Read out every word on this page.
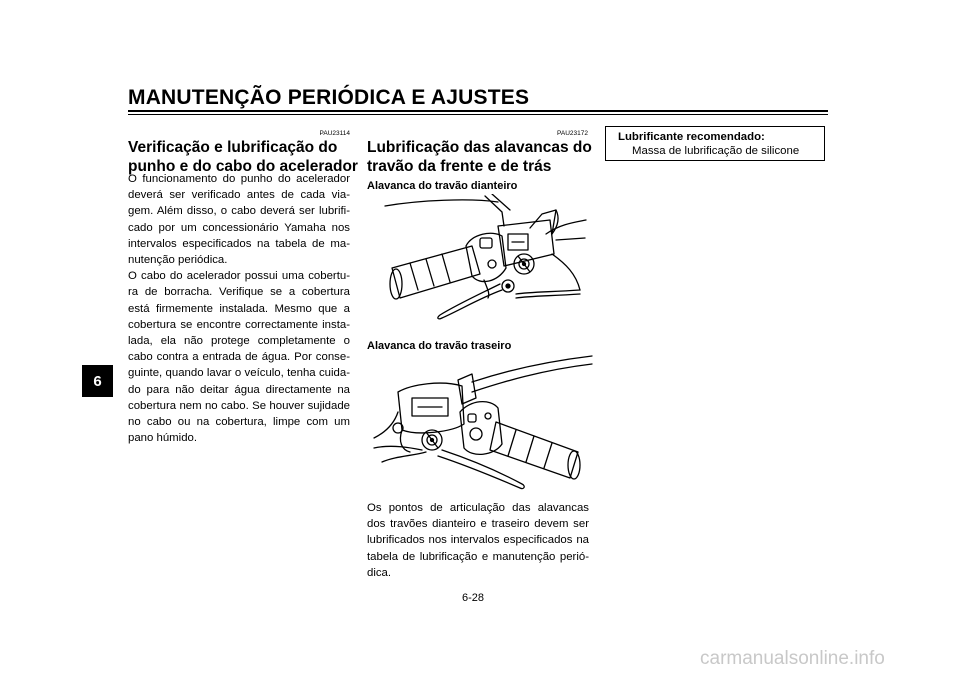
MANUTENÇÃO PERIÓDICA E AJUSTES
6
PAU23114
Verificação e lubrificação do
punho e do cabo do acelerador
O funcionamento do punho do acelerador
deverá ser verificado antes de cada via-
gem. Além disso, o cabo deverá ser lubrifi-
cado por um concessionário Yamaha nos
intervalos especificados na tabela de ma-
nutenção periódica.
O cabo do acelerador possui uma cobertu-
ra de borracha. Verifique se a cobertura
está firmemente instalada. Mesmo que a
cobertura se encontre correctamente insta-
lada, ela não protege completamente o
cabo contra a entrada de água. Por conse-
guinte, quando lavar o veículo, tenha cuida-
do para não deitar água directamente na
cobertura nem no cabo. Se houver sujidade
no cabo ou na cobertura, limpe com um
pano húmido.
PAU23172
Lubrificação das alavancas do
travão da frente e de trás
Alavanca do travão dianteiro
Alavanca do travão traseiro
Os pontos de articulação das alavancas
dos travões dianteiro e traseiro devem ser
lubrificados nos intervalos especificados na
tabela de lubrificação e manutenção perió-
dica.
Lubrificante recomendado:
Massa de lubrificação de silicone
6-28
carmanualsonline.info
